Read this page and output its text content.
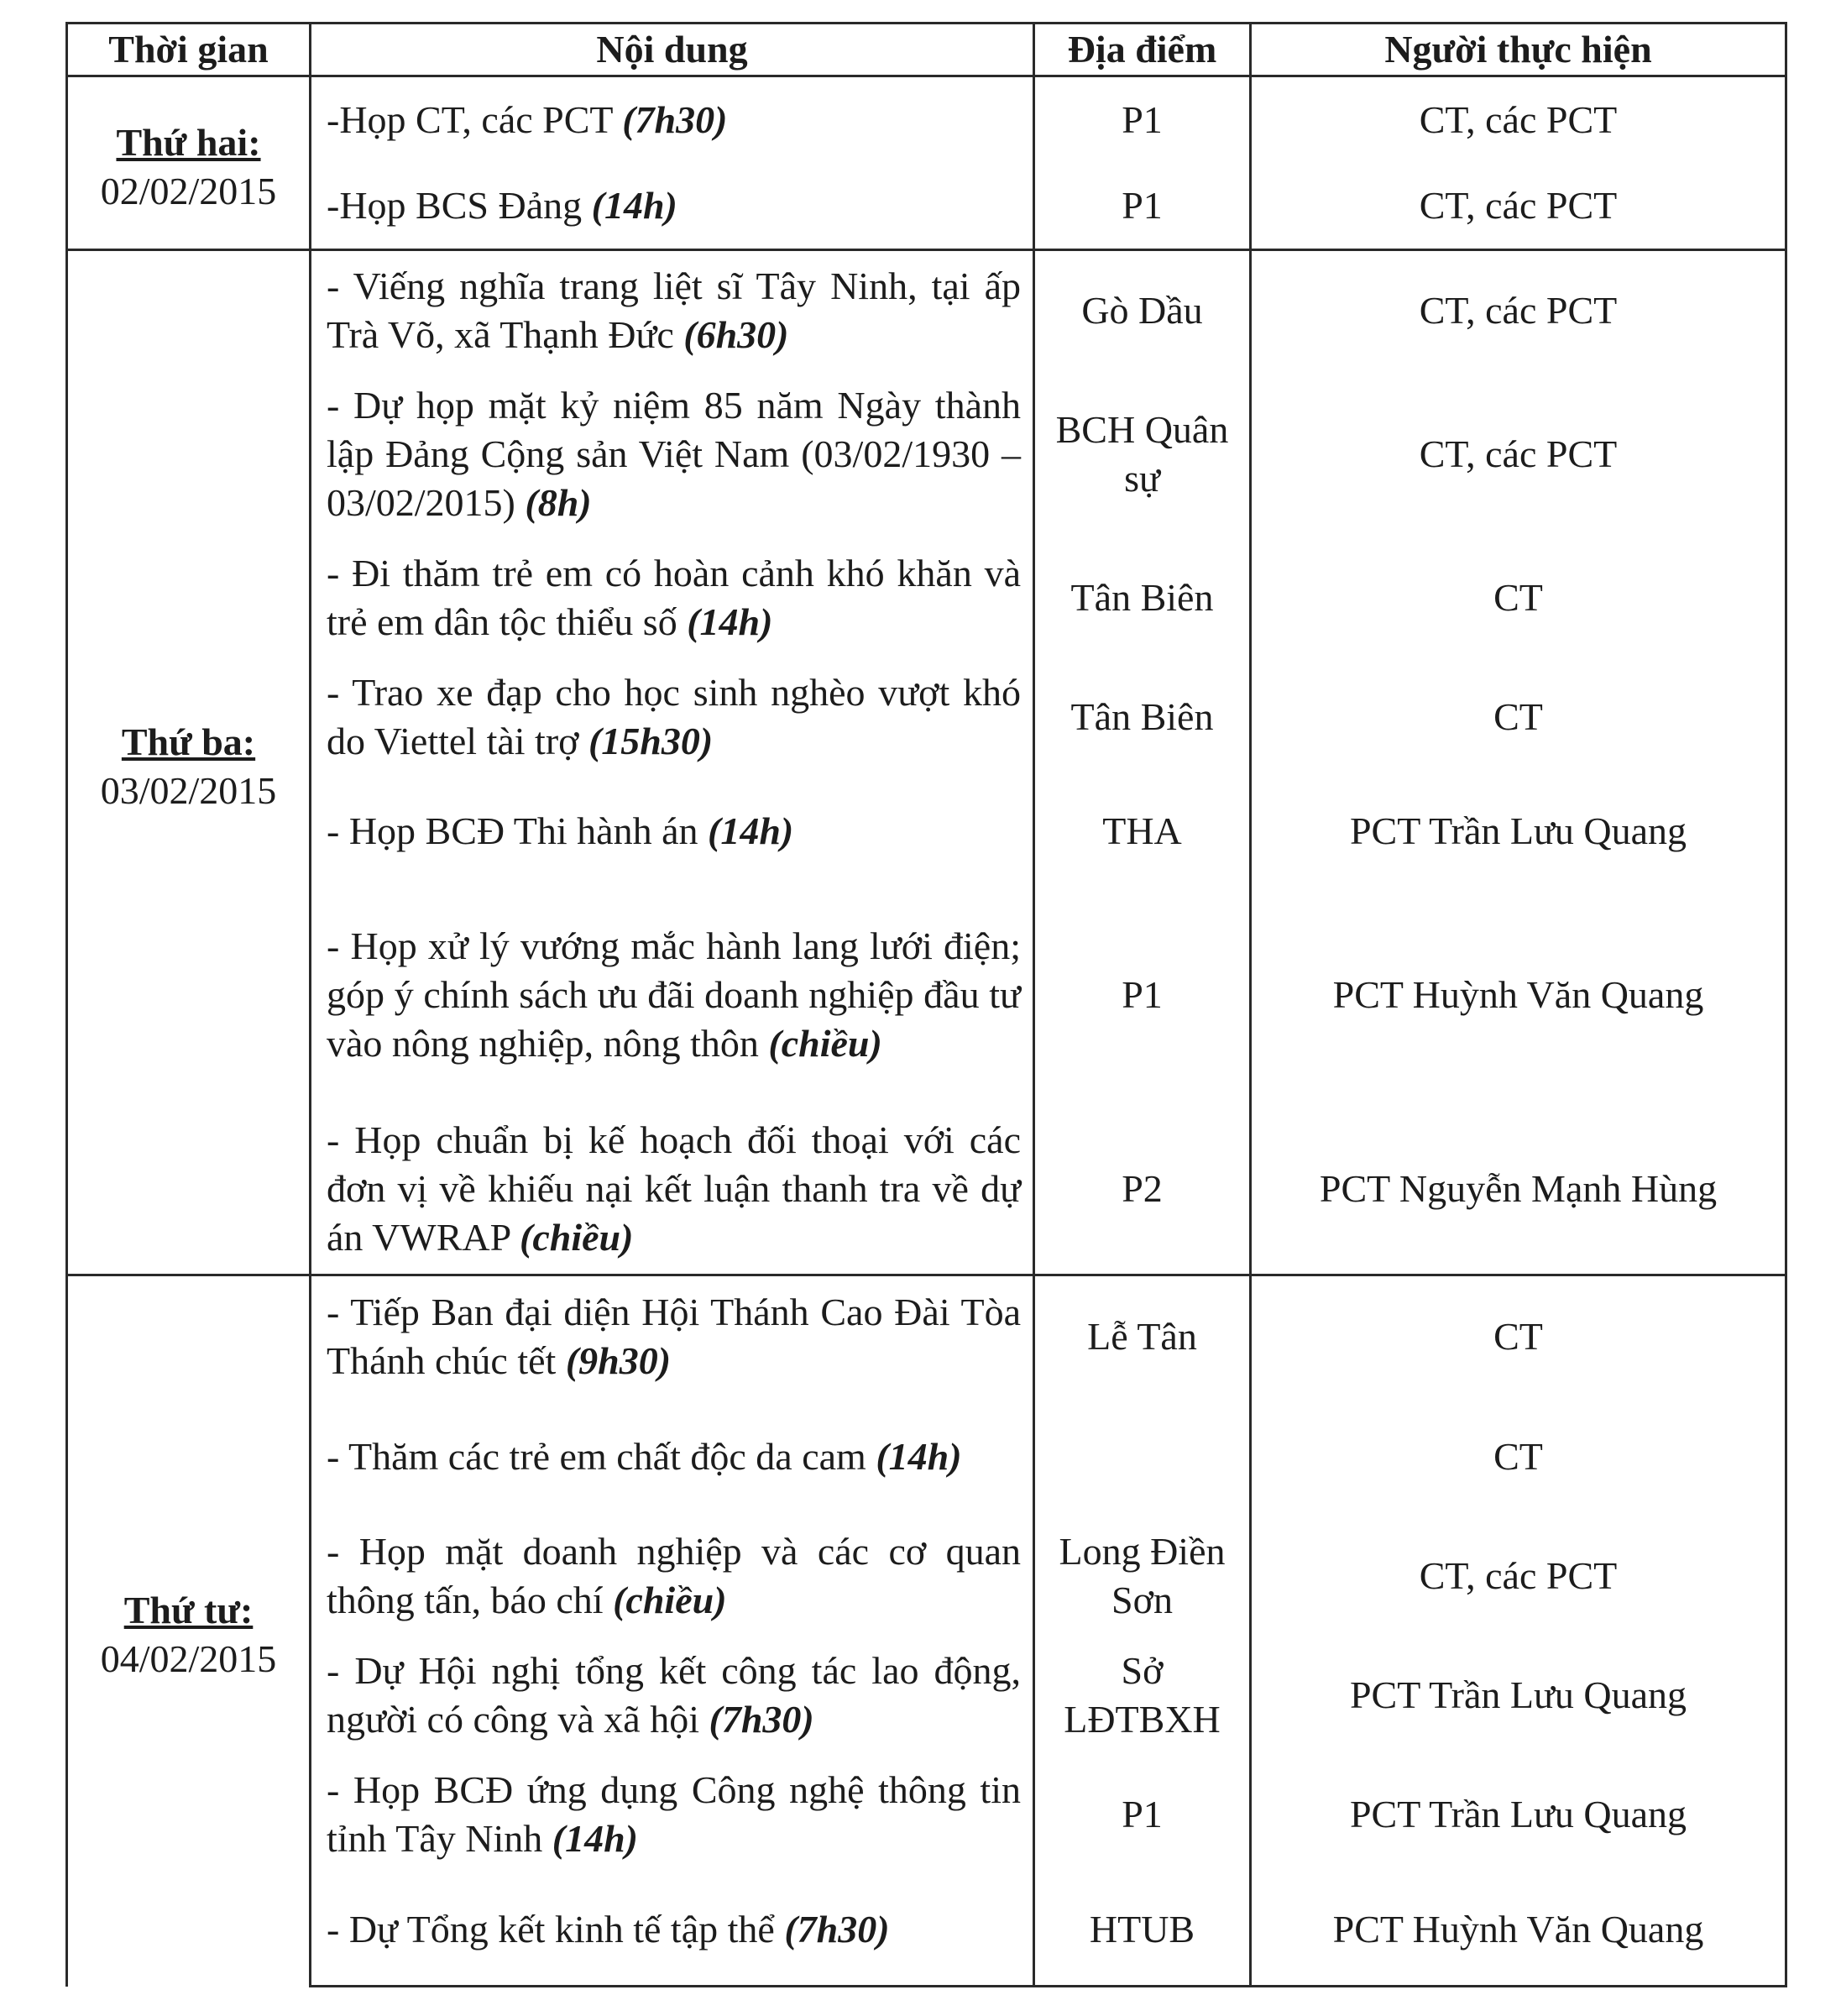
Thời gian	Nội dung	Địa điểm	Người thực hiện

Thứ hai:
02/02/2015	-Họp CT, các PCT (7h30)	P1	CT, các PCT
	-Họp BCS Đảng (14h)	P1	CT, các PCT

Thứ ba:
03/02/2015	- Viếng nghĩa trang liệt sĩ Tây Ninh, tại ấp Trà Võ, xã Thạnh Đức (6h30)	Gò Dầu	CT, các PCT
	- Dự họp mặt kỷ niệm 85 năm Ngày thành lập Đảng Cộng sản Việt Nam (03/02/1930 – 03/02/2015) (8h)	BCH Quân sự	CT, các PCT
	- Đi thăm trẻ em có hoàn cảnh khó khăn và trẻ em dân tộc thiểu số (14h)	Tân Biên	CT
	- Trao xe đạp cho học sinh nghèo vượt khó do Viettel tài trợ (15h30)	Tân Biên	CT
	- Họp BCĐ Thi hành án (14h)	THA	PCT Trần Lưu Quang
	- Họp xử lý vướng mắc hành lang lưới điện; góp ý chính sách ưu đãi doanh nghiệp đầu tư vào nông nghiệp, nông thôn (chiều)	P1	PCT Huỳnh Văn Quang
	- Họp chuẩn bị kế hoạch đối thoại với các đơn vị về khiếu nại kết luận thanh tra về dự án VWRAP (chiều)	P2	PCT Nguyễn Mạnh Hùng

Thứ tư:
04/02/2015	- Tiếp Ban đại diện Hội Thánh Cao Đài Tòa Thánh chúc tết (9h30)	Lễ Tân	CT
	- Thăm các trẻ em chất độc da cam (14h)		CT
	- Họp mặt doanh nghiệp và các cơ quan thông tấn, báo chí (chiều)	Long Điền Sơn	CT, các PCT
	- Dự Hội nghị tổng kết công tác lao động, người có công và xã hội (7h30)	Sở LĐTBXH	PCT Trần Lưu Quang
	- Họp BCĐ ứng dụng Công nghệ thông tin tỉnh Tây Ninh (14h)	P1	PCT Trần Lưu Quang
	- Dự Tổng kết kinh tế tập thể (7h30)	HTUB	PCT Huỳnh Văn Quang
